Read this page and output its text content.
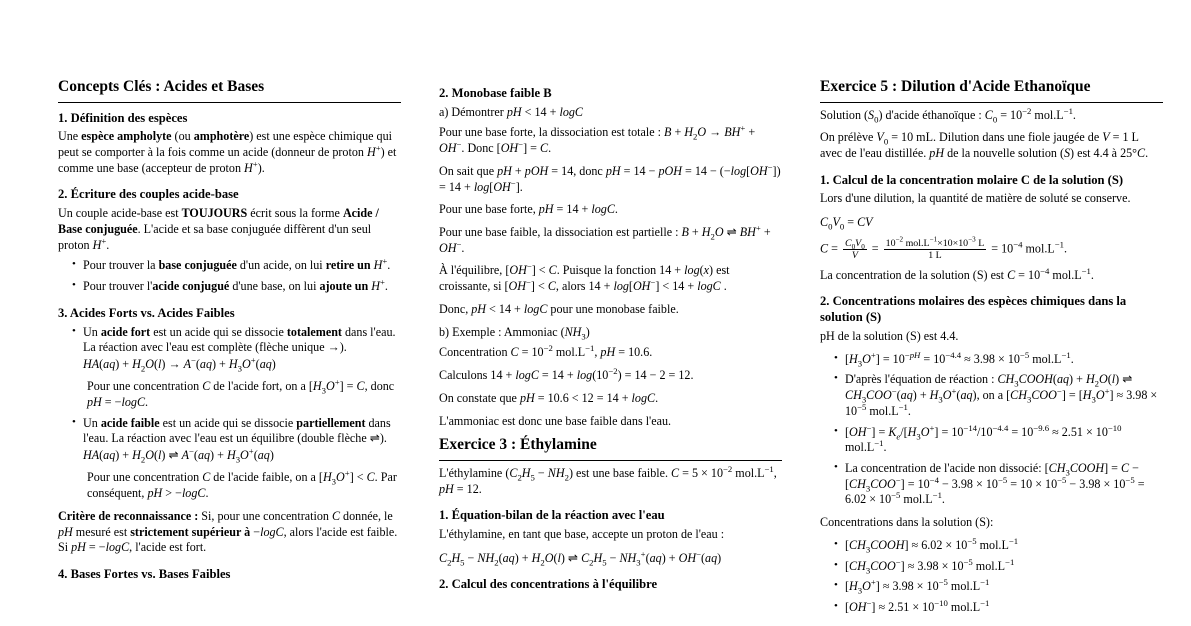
Concepts Clés : Acides et Bases
1. Définition des espèces

Une espèce ampholyte (ou amphotère) est une espèce chimique qui peut se comporter à la fois comme un acide (donneur de proton H+) et comme une base (accepteur de proton H+).

2. Écriture des couples acide-base

Un couple acide-base est TOUJOURS écrit sous la forme Acide / Base conjuguée. L'acide et sa base conjuguée diffèrent d'un seul proton H+.

• Pour trouver la base conjuguée d'un acide, on lui retire un H+.
• Pour trouver l'acide conjugué d'une base, on lui ajoute un H+.
3. Acides Forts vs. Acides Faibles
• Un acide fort est un acide qui se dissocie totalement dans l'eau. La réaction avec l'eau est complète (flèche unique →).
$HA(aq) + H_2O(l) \to A^-(aq) + H_3O^+(aq)$

Pour une concentration C de l'acide fort, on a $[H_3O^+] = C$, donc pH = −logC.

• Un acide faible est un acide qui se dissocie partiellement dans l'eau. La réaction avec l'eau est un équilibre (double flèche ⇌).
$HA(aq) + H_2O(l)$ ⇌ $A^-(aq) + H_3O^+(aq)$

Pour une concentration C de l'acide faible, on a $[H_3O^+] < C$. Par conséquent, pH > −logC.

Critère de reconnaissance : Si, pour une concentration C donnée, le pH mesuré est strictement supérieur à −logC, alors l'acide est faible. Si pH = −logC, l'acide est fort.

4. Bases Fortes vs. Bases Faibles
2. Monobase faible B

a) Démontrer pH < 14 + logC

Pour une base forte, la dissociation est totale : $B + H_2O \to BH^+ + OH^-$. Donc [OH−] = C.

On sait que pH + pOH = 14, donc pH = 14 − pOH = 14 − (−log[OH−]) = 14 + log[OH−].

Pour une base forte, pH = 14 + logC.

Pour une base faible, la dissociation est partielle : $B + H_2O$ ⇌ BH+ + OH−.

À l'équilibre, [OH−] < C. Puisque la fonction 14 + log(x) est croissante, si [OH−] < C, alors 14 + log[OH−] < 14 + logC .

Donc, pH < 14 + logC pour une monobase faible.

b) Exemple : Ammoniac $(NH_3)$

Concentration $C = 10^{-2}$ $mol.L^{-1}$, pH = 10.6.

Calculons $14 + \log C = 14 + \log(10^{-2}) = 14 - 2 = 12$.

On constate que pH = 10.6 < 12 = 14 + logC.

L'ammoniac est donc une base faible dans l'eau.

Exercice 3 : Éthylamine

L'éthylamine $(C_2H_5 - NH_2)$ est une base faible. $C = 5 \times 10^{-2}$ $mol.L^{-1}$, pH = 12.

1. Équation-bilan de la réaction avec l'eau

L'éthylamine, en tant que base, accepte un proton de l'eau :

$C_2H_5 - NH_2(aq) + H_2O(l)$ ⇌ $C_2H_5 - NH_3^+(aq) + OH^-(aq)$
2. Calcul des concentrations à l'équilibre
Exercice 5 : Dilution d'Acide Ethanoïque

Solution $(S_0)$ d'acide éthanoïque : $C_0 = 10^{-2}$ $mol.L^{-1}$.

On prélève $V_0 = 10$ mL. Dilution dans une fiole jaugée de V = 1 L avec de l'eau distillée. pH de la nouvelle solution (S) est 4.4 à 25°C.

1. Calcul de la concentration molaire C de la solution (S)

Lors d'une dilution, la quantité de matière de soluté se conserve.

$C_0V_0$ = CV
$C = \frac{C_0V_0}{V} = \frac{10^{-2} mol.L^{-1}\times 10\times 10^{-3} L}{1 L} = 10^{-4}$ $mol.L^{-1}$.

La concentration de la solution (S) est $C = 10^{-4}$ $mol.L^{-1}$.

2. Concentrations molaires des espèces chimiques dans la solution (S)

pH de la solution (S) est 4.4.

• $[H_3O^+] = 10^{-pH} = 10^{-4.4} \approx 3.98 \times 10^{-5}$ $mol.L^{-1}$.
• D'après l'équation de réaction : $CH_3COOH(aq) + H_2O(l)$ ⇌ $CH_3COO^-(aq) + H_3O^+(aq)$, on a $[CH_3COO^-] = [H_3O^+] \approx 3.98 \times 10^{-5}$ $mol.L^{-1}$.
• $[OH^-] = K_e/[H_3O^+] = 10^{-14}/10^{-4.4} = 10^{-9.6} \approx 2.51 \times 10^{-10}$ $mol.L^{-1}$.
• La concentration de l'acide non dissocié: $[CH_3COOH] = C - [CH_3COO^-] = 10^{-4} - 3.98 \times 10^{-5} = 10 \times 10^{-5} - 3.98 \times 10^{-5} = 6.02 \times 10^{-5}$ $mol.L^{-1}$.

Concentrations dans la solution (S):

• $[CH_3COOH] \approx 6.02 \times 10^{-5}$ $mol.L^{-1}$
• $[CH_3COO^-] \approx 3.98 \times 10^{-5}$ $mol.L^{-1}$
• $[H_3O^+] \approx 3.98 \times 10^{-5}$ $mol.L^{-1}$
• $[OH^-] \approx 2.51 \times 10^{-10}$ $mol.L^{-1}$
